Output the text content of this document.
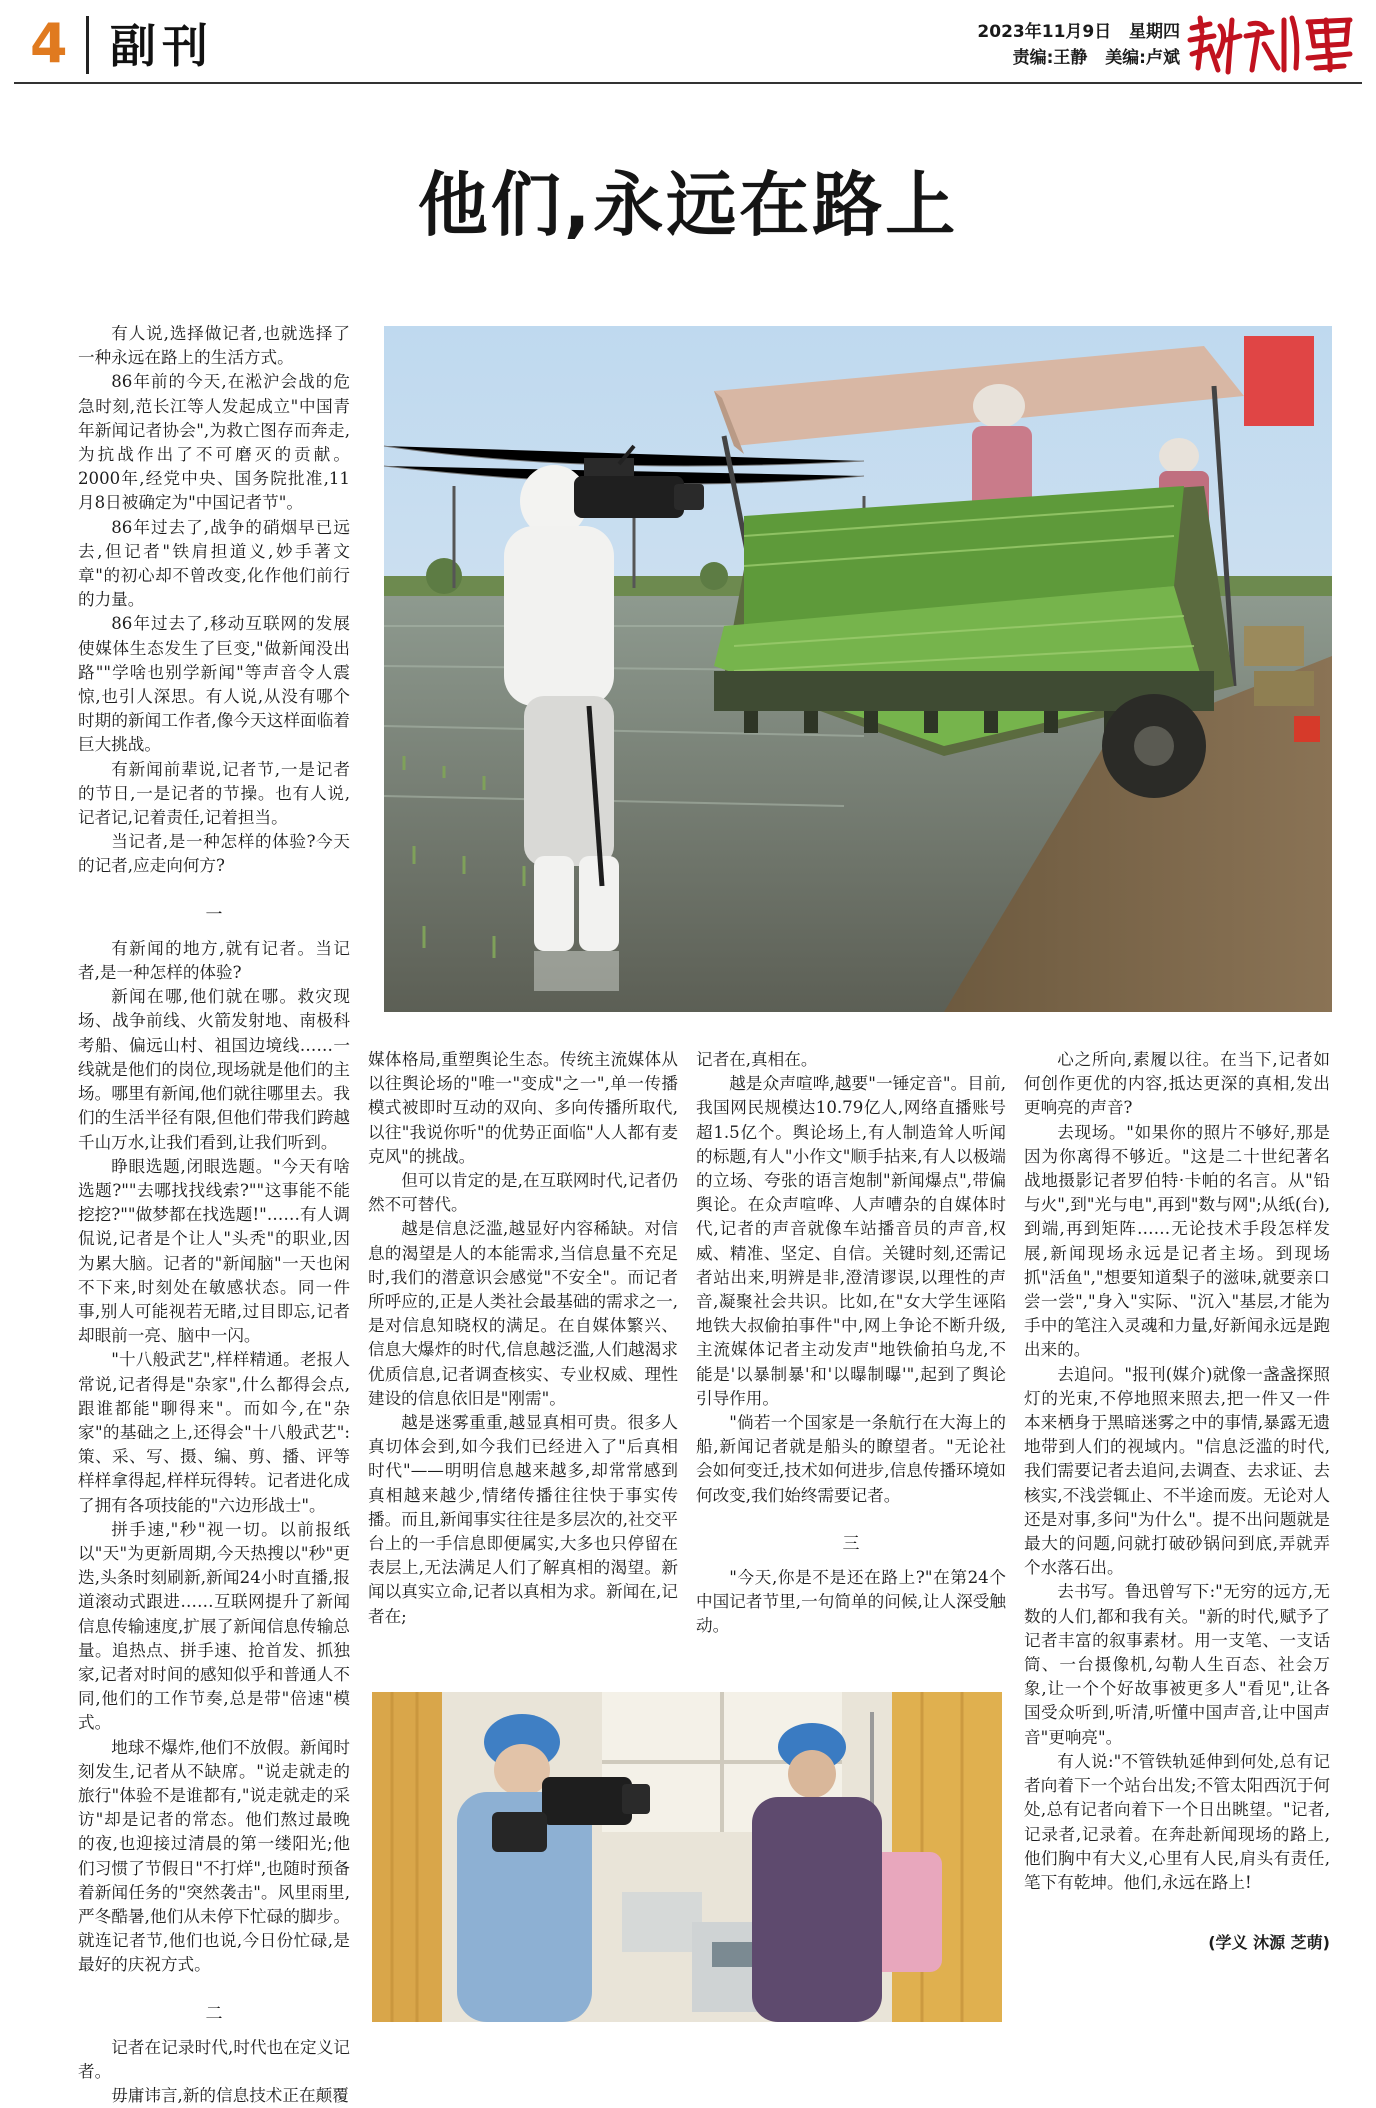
4 副刊	2023年11月9日 星期四
责编:王静 美编:卢斌
他们,永远在路上

有人说,选择做记者,也就选择了一种永远在路上的生活方式。

86年前的今天,在淞沪会战的危急时刻,范长江等人发起成立"中国青年新闻记者协会",为救亡图存而奔走,为抗战作出了不可磨灭的贡献。2000年,经党中央、国务院批准,11月8日被确定为"中国记者节"。

86年过去了,战争的硝烟早已远去,但记者"铁肩担道义,妙手著文章"的初心却不曾改变,化作他们前行的力量。

86年过去了,移动互联网的发展使媒体生态发生了巨变,"做新闻没出路""学啥也别学新闻"等声音令人震惊,也引人深思。有人说,从没有哪个时期的新闻工作者,像今天这样面临着巨大挑战。

有新闻前辈说,记者节,一是记者的节日,一是记者的节操。也有人说,记者记,记着责任,记着担当。

当记者,是一种怎样的体验?今天的记者,应走向何方?

一

有新闻的地方,就有记者。当记者,是一种怎样的体验?

新闻在哪,他们就在哪。救灾现场、战争前线、火箭发射地、南极科考船、偏远山村、祖国边境线……一线就是他们的岗位,现场就是他们的主场。哪里有新闻,他们就往哪里去。我们的生活半径有限,但他们带我们跨越千山万水,让我们看到,让我们听到。

睁眼选题,闭眼选题。"今天有啥选题?""去哪找找线索?""这事能不能挖挖?""做梦都在找选题!"……有人调侃说,记者是个让人"头秃"的职业,因为累大脑。记者的"新闻脑"一天也闲不下来,时刻处在敏感状态。同一件事,别人可能视若无睹,过目即忘,记者却眼前一亮、脑中一闪。

"十八般武艺",样样精通。老报人常说,记者得是"杂家",什么都得会点,跟谁都能"聊得来"。而如今,在"杂家"的基础之上,还得会"十八般武艺":策、采、写、摄、编、剪、播、评等样样拿得起,样样玩得转。记者进化成了拥有各项技能的"六边形战士"。

拼手速,"秒"视一切。以前报纸以"天"为更新周期,今天热搜以"秒"更迭,头条时刻刷新,新闻24小时直播,报道滚动式跟进……互联网提升了新闻信息传输速度,扩展了新闻信息传输总量。追热点、拼手速、抢首发、抓独家,记者对时间的感知似乎和普通人不同,他们的工作节奏,总是带"倍速"模式。

地球不爆炸,他们不放假。新闻时刻发生,记者从不缺席。"说走就走的旅行"体验不是谁都有,"说走就走的采访"却是记者的常态。他们熬过最晚的夜,也迎接过清晨的第一缕阳光;他们习惯了节假日"不打烊",也随时预备着新闻任务的"突然袭击"。风里雨里,严冬酷暑,他们从未停下忙碌的脚步。就连记者节,他们也说,今日份忙碌,是最好的庆祝方式。

二

记者在记录时代,时代也在定义记者。

毋庸讳言,新的信息技术正在颠覆

媒体格局,重塑舆论生态。传统主流媒体从以往舆论场的"唯一"变成"之一",单一传播模式被即时互动的双向、多向传播所取代,以往"我说你听"的优势正面临"人人都有麦克风"的挑战。

但可以肯定的是,在互联网时代,记者仍然不可替代。

越是信息泛滥,越显好内容稀缺。对信息的渴望是人的本能需求,当信息量不充足时,我们的潜意识会感觉"不安全"。而记者所呼应的,正是人类社会最基础的需求之一,是对信息知晓权的满足。在自媒体繁兴、信息大爆炸的时代,信息越泛滥,人们越渴求优质信息,记者调查核实、专业权威、理性建设的信息依旧是"刚需"。

越是迷雾重重,越显真相可贵。很多人真切体会到,如今我们已经进入了"后真相时代"——明明信息越来越多,却常常感到真相越来越少,情绪传播往往快于事实传播。而且,新闻事实往往是多层次的,社交平台上的一手信息即便属实,大多也只停留在表层上,无法满足人们了解真相的渴望。新闻以真实立命,记者以真相为求。新闻在,记者在;

记者在,真相在。

越是众声喧哗,越要"一锤定音"。目前,我国网民规模达10.79亿人,网络直播账号超1.5亿个。舆论场上,有人制造耸人听闻的标题,有人"小作文"顺手拈来,有人以极端的立场、夸张的语言炮制"新闻爆点",带偏舆论。在众声喧哗、人声嘈杂的自媒体时代,记者的声音就像车站播音员的声音,权威、精准、坚定、自信。关键时刻,还需记者站出来,明辨是非,澄清谬误,以理性的声音,凝聚社会共识。比如,在"女大学生诬陷地铁大叔偷拍事件"中,网上争论不断升级,主流媒体记者主动发声"地铁偷拍乌龙,不能是'以暴制暴'和'以曝制曝'",起到了舆论引导作用。

"倘若一个国家是一条航行在大海上的船,新闻记者就是船头的瞭望者。"无论社会如何变迁,技术如何进步,信息传播环境如何改变,我们始终需要记者。

三

"今天,你是不是还在路上?"在第24个中国记者节里,一句简单的问候,让人深受触动。

心之所向,素履以往。在当下,记者如何创作更优的内容,抵达更深的真相,发出更响亮的声音?

去现场。"如果你的照片不够好,那是因为你离得不够近。"这是二十世纪著名战地摄影记者罗伯特·卡帕的名言。从"铅与火",到"光与电",再到"数与网";从纸(台),到端,再到矩阵……无论技术手段怎样发展,新闻现场永远是记者主场。到现场抓"活鱼","想要知道梨子的滋味,就要亲口尝一尝","身入"实际、"沉入"基层,才能为手中的笔注入灵魂和力量,好新闻永远是跑出来的。

去追问。"报刊(媒介)就像一盏盏探照灯的光束,不停地照来照去,把一件又一件本来栖身于黑暗迷雾之中的事情,暴露无遗地带到人们的视域内。"信息泛滥的时代,我们需要记者去追问,去调查、去求证、去核实,不浅尝辄止、不半途而废。无论对人还是对事,多问"为什么"。提不出问题就是最大的问题,问就打破砂锅问到底,弄就弄个水落石出。

去书写。鲁迅曾写下:"无穷的远方,无数的人们,都和我有关。"新的时代,赋予了记者丰富的叙事素材。用一支笔、一支话筒、一台摄像机,勾勒人生百态、社会万象,让一个个好故事被更多人"看见",让各国受众听到,听清,听懂中国声音,让中国声音"更响亮"。

有人说:"不管铁轨延伸到何处,总有记者向着下一个站台出发;不管太阳西沉于何处,总有记者向着下一个日出眺望。"记者,记录者,记录着。在奔赴新闻现场的路上,他们胸中有大义,心里有人民,肩头有责任,笔下有乾坤。他们,永远在路上!

(学义 沐源 芝萌)
